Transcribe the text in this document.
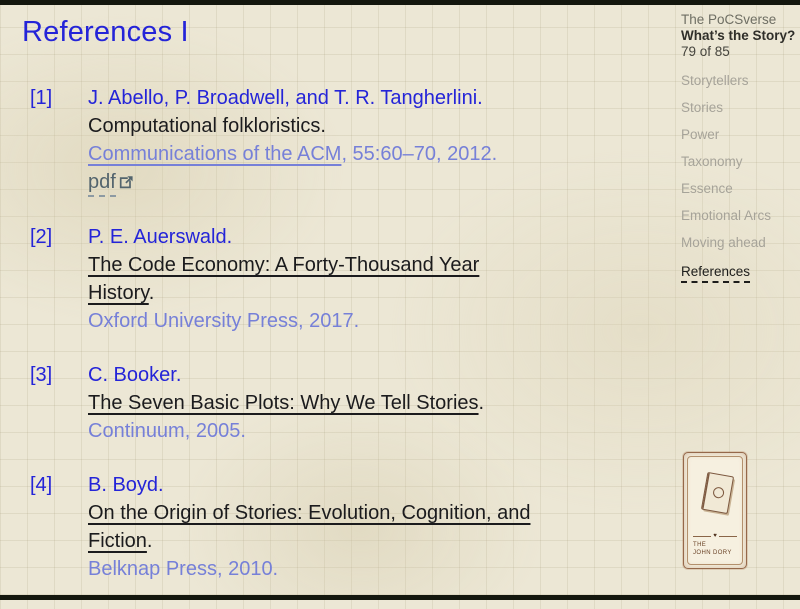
References I
[1]	J. Abello, P. Broadwell, and T. R. Tangherlini.
Computational folkloristics.
Communications of the ACM, 55:60–70, 2012.
pdf
[2]	P. E. Auerswald.
The Code Economy: A Forty-Thousand Year
History.
Oxford University Press, 2017.
[3]	C. Booker.
The Seven Basic Plots: Why We Tell Stories.
Continuum, 2005.
[4]	B. Boyd.
On the Origin of Stories: Evolution, Cognition, and
Fiction.
Belknap Press, 2010.
The PoCSverse
What’s the Story?
79 of 85
Storytellers
Stories
Power
Taxonomy
Essence
Emotional Arcs
Moving ahead
References
♥
THE
JOHN DORY
